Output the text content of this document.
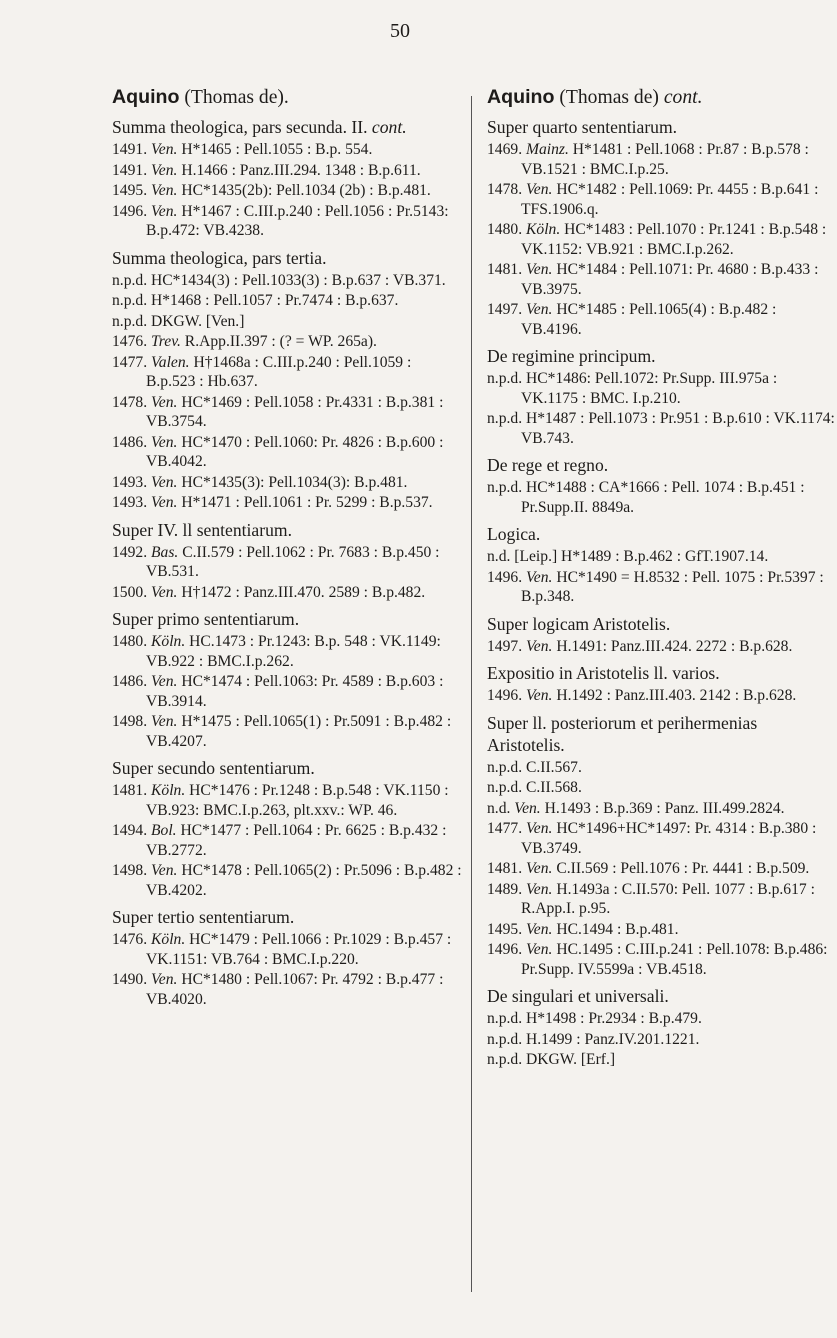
50
Aquino (Thomas de).
Summa theologica, pars secunda. II. cont.
1491. Ven. H*1465 : Pell.1055 : B.p. 554.
1491. Ven. H.1466 : Panz.III.294. 1348 : B.p.611.
1495. Ven. HC*1435(2b): Pell.1034 (2b) : B.p.481.
1496. Ven. H*1467 : C.III.p.240 : Pell.1056 : Pr.5143: B.p.472: VB.4238.
Summa theologica, pars tertia.
n.p.d. HC*1434(3) : Pell.1033(3) : B.p.637 : VB.371.
n.p.d. H*1468 : Pell.1057 : Pr.7474 : B.p.637.
n.p.d. DKGW. [Ven.]
1476. Trev. R.App.II.397 : (? = WP. 265a).
1477. Valen. H†1468a : C.III.p.240 : Pell.1059 : B.p.523 : Hb.637.
1478. Ven. HC*1469 : Pell.1058 : Pr.4331 : B.p.381 : VB.3754.
1486. Ven. HC*1470 : Pell.1060: Pr. 4826 : B.p.600 : VB.4042.
1493. Ven. HC*1435(3): Pell.1034(3): B.p.481.
1493. Ven. H*1471 : Pell.1061 : Pr. 5299 : B.p.537.
Super IV. ll sententiarum.
1492. Bas. C.II.579 : Pell.1062 : Pr. 7683 : B.p.450 : VB.531.
1500. Ven. H†1472 : Panz.III.470. 2589 : B.p.482.
Super primo sententiarum.
1480. Köln. HC.1473 : Pr.1243: B.p. 548 : VK.1149: VB.922 : BMC.I.p.262.
1486. Ven. HC*1474 : Pell.1063: Pr. 4589 : B.p.603 : VB.3914.
1498. Ven. H*1475 : Pell.1065(1) : Pr.5091 : B.p.482 : VB.4207.
Super secundo sententiarum.
1481. Köln. HC*1476 : Pr.1248 : B.p.548 : VK.1150 : VB.923: BMC.I.p.263, plt.xxv.: WP. 46.
1494. Bol. HC*1477 : Pell.1064 : Pr. 6625 : B.p.432 : VB.2772.
1498. Ven. HC*1478 : Pell.1065(2) : Pr.5096 : B.p.482 : VB.4202.
Super tertio sententiarum.
1476. Köln. HC*1479 : Pell.1066 : Pr.1029 : B.p.457 : VK.1151: VB.764 : BMC.I.p.220.
1490. Ven. HC*1480 : Pell.1067: Pr. 4792 : B.p.477 : VB.4020.
Aquino (Thomas de) cont.
Super quarto sententiarum.
1469. Mainz. H*1481 : Pell.1068 : Pr.87 : B.p.578 : VB.1521 : BMC.I.p.25.
1478. Ven. HC*1482 : Pell.1069: Pr. 4455 : B.p.641 : TFS.1906.q.
1480. Köln. HC*1483 : Pell.1070 : Pr.1241 : B.p.548 : VK.1152: VB.921 : BMC.I.p.262.
1481. Ven. HC*1484 : Pell.1071: Pr. 4680 : B.p.433 : VB.3975.
1497. Ven. HC*1485 : Pell.1065(4) : B.p.482 : VB.4196.
De regimine principum.
n.p.d. HC*1486: Pell.1072: Pr.Supp. III.975a : VK.1175 : BMC. I.p.210.
n.p.d. H*1487 : Pell.1073 : Pr.951 : B.p.610 : VK.1174: VB.743.
De rege et regno.
n.p.d. HC*1488 : CA*1666 : Pell. 1074 : B.p.451 : Pr.Supp.II. 8849a.
Logica.
n.d. [Leip.] H*1489 : B.p.462 : GfT.1907.14.
1496. Ven. HC*1490 = H.8532 : Pell. 1075 : Pr.5397 : B.p.348.
Super logicam Aristotelis.
1497. Ven. H.1491: Panz.III.424. 2272 : B.p.628.
Expositio in Aristotelis ll. varios.
1496. Ven. H.1492 : Panz.III.403. 2142 : B.p.628.
Super ll. posteriorum et perihermenias Aristotelis.
n.p.d. C.II.567.
n.p.d. C.II.568.
n.d. Ven. H.1493 : B.p.369 : Panz. III.499.2824.
1477. Ven. HC*1496+HC*1497: Pr. 4314 : B.p.380 : VB.3749.
1481. Ven. C.II.569 : Pell.1076 : Pr. 4441 : B.p.509.
1489. Ven. H.1493a : C.II.570: Pell. 1077 : B.p.617 : R.App.I. p.95.
1495. Ven. HC.1494 : B.p.481.
1496. Ven. HC.1495 : C.III.p.241 : Pell.1078: B.p.486: Pr.Supp. IV.5599a : VB.4518.
De singulari et universali.
n.p.d. H*1498 : Pr.2934 : B.p.479.
n.p.d. H.1499 : Panz.IV.201.1221.
n.p.d. DKGW. [Erf.]
